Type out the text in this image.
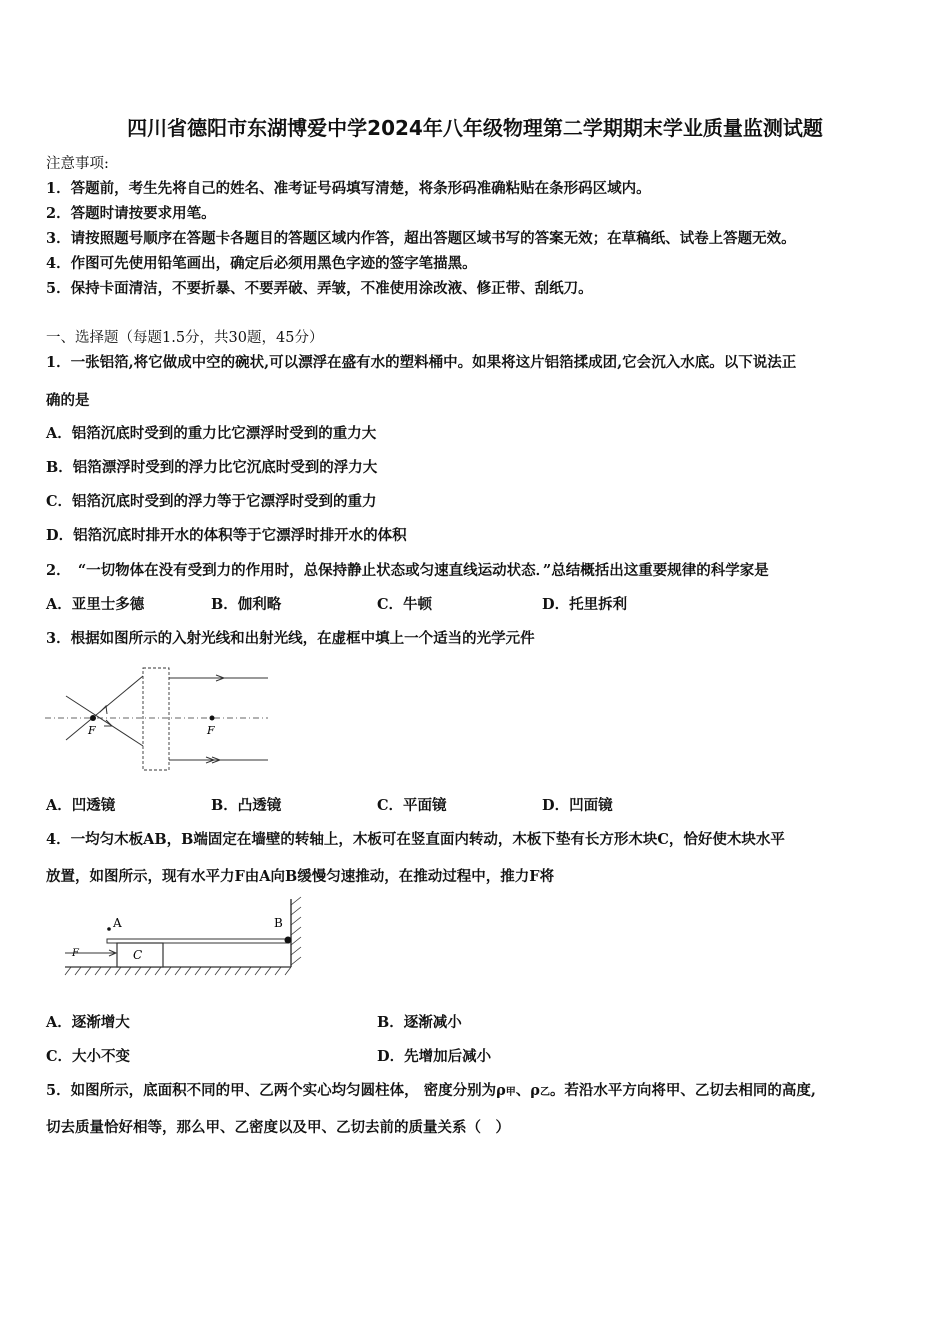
四川省德阳市东湖博爱中学2024年八年级物理第二学期期末学业质量监测试题
注意事项:
1．答题前，考生先将自己的姓名、准考证号码填写清楚，将条形码准确粘贴在条形码区域内。
2．答题时请按要求用笔。
3．请按照题号顺序在答题卡各题目的答题区域内作答，超出答题区域书写的答案无效；在草稿纸、试卷上答题无效。
4．作图可先使用铅笔画出，确定后必须用黑色字迹的签字笔描黑。
5．保持卡面清洁，不要折暴、不要弄破、弄皱，不准使用涂改液、修正带、刮纸刀。
一、选择题（每题1.5分，共30题，45分）
1．一张铝箔,将它做成中空的碗状,可以漂浮在盛有水的塑料桶中。如果将这片铝箔揉成团,它会沉入水底。以下说法正
确的是
A．铝箔沉底时受到的重力比它漂浮时受到的重力大
B．铝箔漂浮时受到的浮力比它沉底时受到的浮力大
C．铝箔沉底时受到的浮力等于它漂浮时受到的重力
D．铝箔沉底时排开水的体积等于它漂浮时排开水的体积
2．　“一切物体在没有受到力的作用时，总保持静止状态或匀速直线运动状态．”总结概括出这重要规律的科学家是
A．亚里士多德	B．伽利略	C．牛顿	D．托里拆利
3．根据如图所示的入射光线和出射光线，在虚框中填上一个适当的光学元件
F	F
A．凹透镜	B．凸透镜	C．平面镜	D．凹面镜
4．一均匀木板AB，B端固定在墙壁的转轴上，木板可在竖直面内转动，木板下垫有长方形木块C，恰好使木块水平
放置，如图所示，现有水平力F由A向B缓慢匀速推动，在推动过程中，推力F将
A	B
C
F
A．逐渐增大	B．逐渐减小
C．大小不变	D．先增加后减小
5．如图所示，底面积不同的甲、乙两个实心均匀圆柱体， 密度分别为ρ甲、ρ乙。若沿水平方向将甲、乙切去相同的高度,
切去质量恰好相等，那么甲、乙密度以及甲、乙切去前的质量关系（　）
